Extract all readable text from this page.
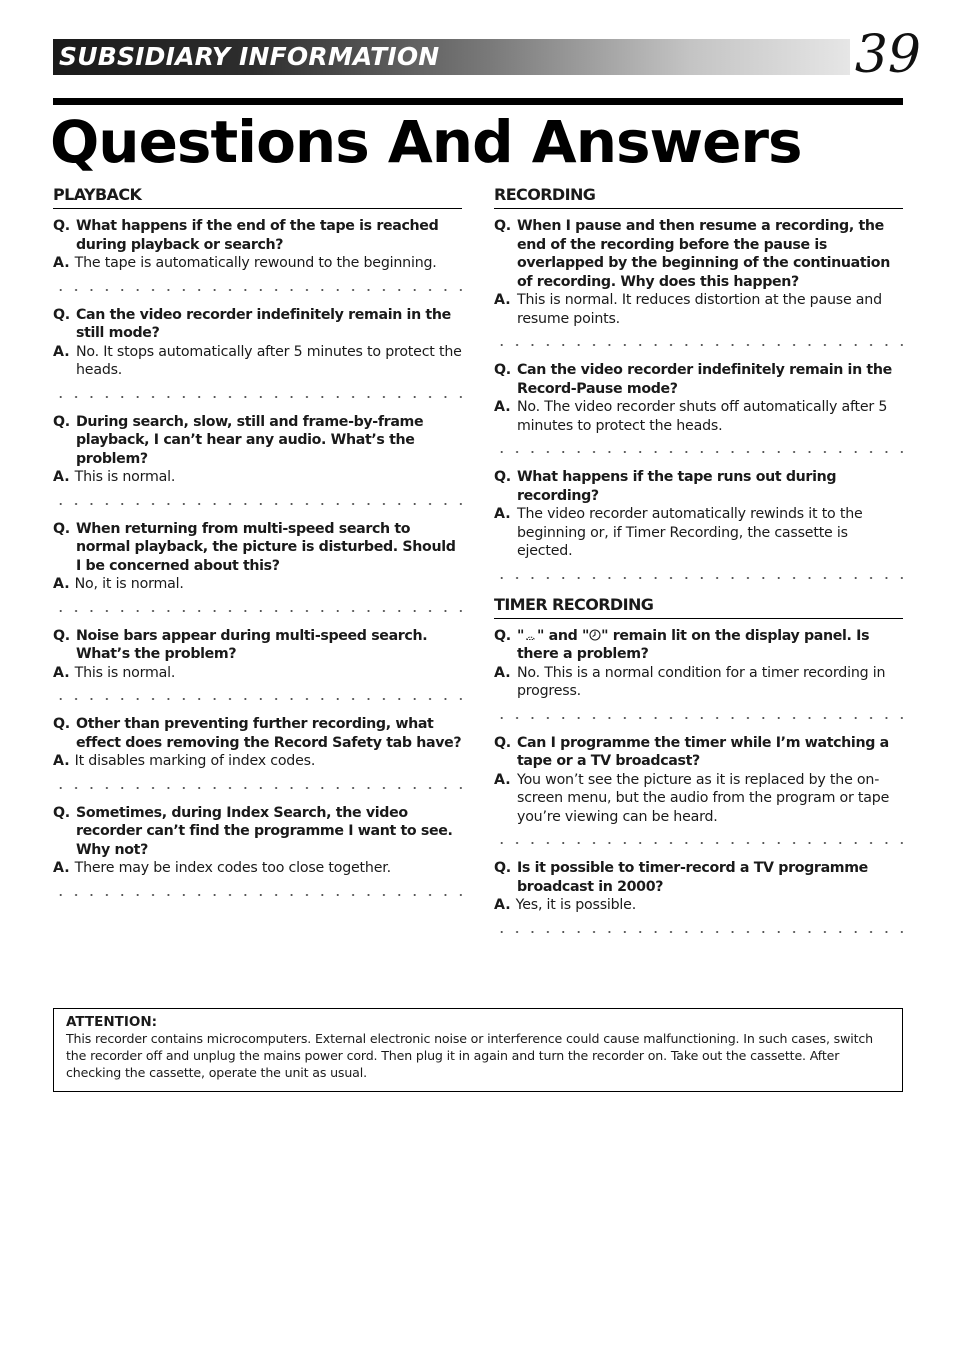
SUBSIDIARY INFORMATION	39
Questions And Answers
PLAYBACK
Q. What happens if the end of the tape is reached during playback or search?
A. The tape is automatically rewound to the beginning.
Q. Can the video recorder indefinitely remain in the still mode?
A. No. It stops automatically after 5 minutes to protect the heads.
Q. During search, slow, still and frame-by-frame playback, I can’t hear any audio. What’s the problem?
A. This is normal.
Q. When returning from multi-speed search to normal playback, the picture is disturbed. Should I be concerned about this?
A. No, it is normal.
Q. Noise bars appear during multi-speed search. What’s the problem?
A. This is normal.
Q. Other than preventing further recording, what effect does removing the Record Safety tab have?
A. It disables marking of index codes.
Q. Sometimes, during Index Search, the video recorder can’t find the programme I want to see. Why not?
A. There may be index codes too close together.
RECORDING
Q. When I pause and then resume a recording, the end of the recording before the pause is overlapped by the beginning of the continuation of recording. Why does this happen?
A. This is normal. It reduces distortion at the pause and resume points.
Q. Can the video recorder indefinitely remain in the Record-Pause mode?
A. No. The video recorder shuts off automatically after 5 minutes to protect the heads.
Q. What happens if the tape runs out during recording?
A. The video recorder automatically rewinds it to the beginning or, if Timer Recording, the cassette is ejected.
TIMER RECORDING
Q. " " and " " remain lit on the display panel. Is there a problem?
A. No. This is a normal condition for a timer recording in progress.
Q. Can I programme the timer while I’m watching a tape or a TV broadcast?
A. You won’t see the picture as it is replaced by the on-screen menu, but the audio from the program or tape you’re viewing can be heard.
Q. Is it possible to timer-record a TV programme broadcast in 2000?
A. Yes, it is possible.
ATTENTION:
This recorder contains microcomputers. External electronic noise or interference could cause malfunctioning. In such cases, switch the recorder off and unplug the mains power cord. Then plug it in again and turn the recorder on. Take out the cassette. After checking the cassette, operate the unit as usual.
